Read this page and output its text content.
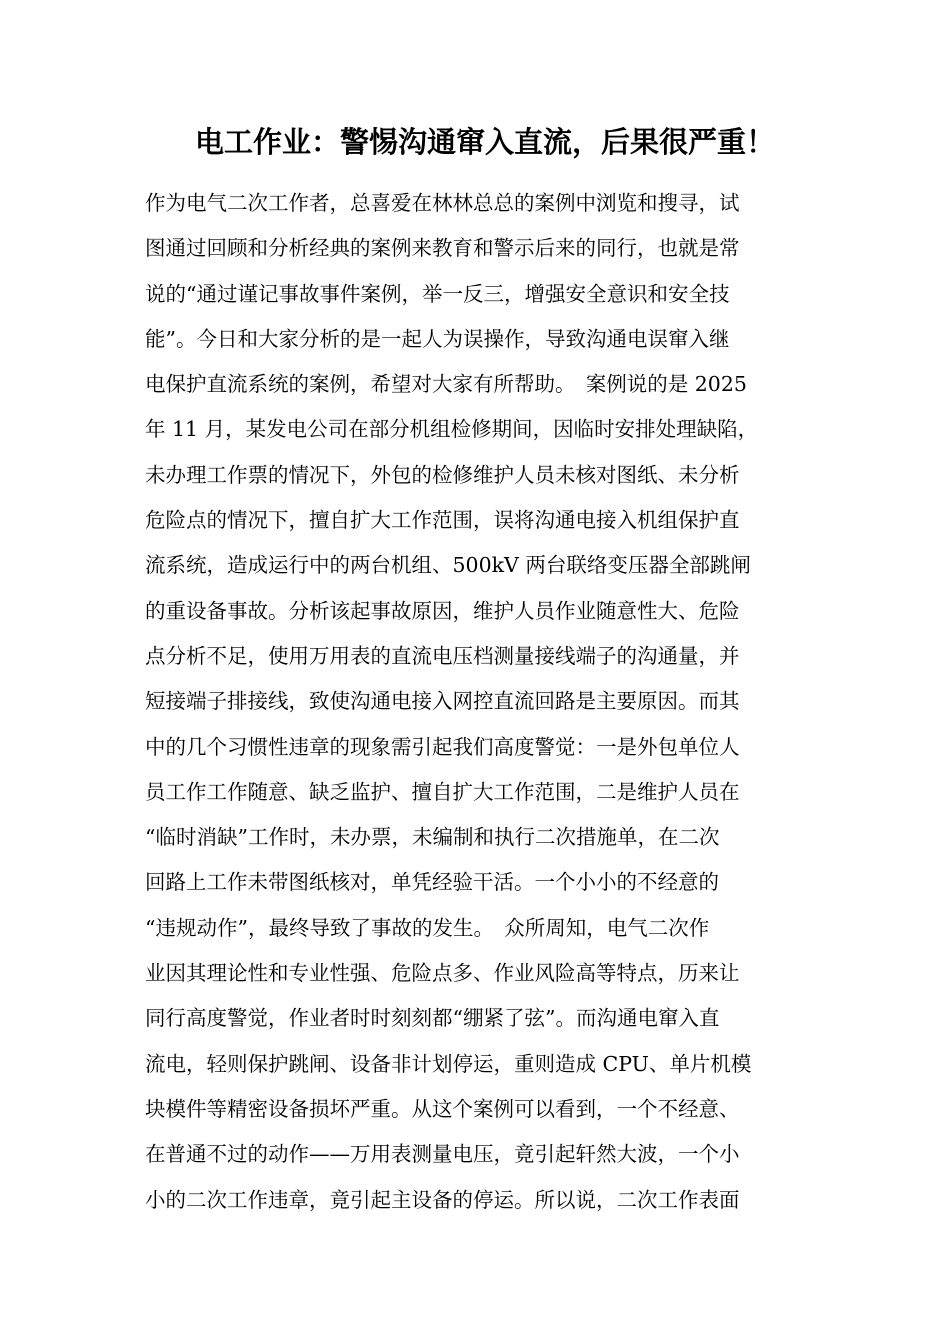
电工作业：警惕沟通窜入直流，后果很严重！
作为电气二次工作者，总喜爱在林林总总的案例中浏览和搜寻，试
图通过回顾和分析经典的案例来教育和警示后来的同行，也就是常
说的“通过谨记事故事件案例，举一反三，增强安全意识和安全技
能”。今日和大家分析的是一起人为误操作，导致沟通电误窜入继
电保护直流系统的案例，希望对大家有所帮助。　案例说的是 2025
年 11 月，某发电公司在部分机组检修期间，因临时安排处理缺陷，
未办理工作票的情况下，外包的检修维护人员未核对图纸、未分析
危险点的情况下，擅自扩大工作范围，误将沟通电接入机组保护直
流系统，造成运行中的两台机组、500kV 两台联络变压器全部跳闸
的重设备事故。分析该起事故原因，维护人员作业随意性大、危险
点分析不足，使用万用表的直流电压档测量接线端子的沟通量，并
短接端子排接线，致使沟通电接入网控直流回路是主要原因。而其
中的几个习惯性违章的现象需引起我们高度警觉：一是外包单位人
员工作工作随意、缺乏监护、擅自扩大工作范围，二是维护人员在
“临时消缺”工作时，未办票，未编制和执行二次措施单，在二次
回路上工作未带图纸核对，单凭经验干活。一个小小的不经意的
“违规动作”，最终导致了事故的发生。　众所周知，电气二次作
业因其理论性和专业性强、危险点多、作业风险高等特点，历来让
同行高度警觉，作业者时时刻刻都“绷紧了弦”。而沟通电窜入直
流电，轻则保护跳闸、设备非计划停运，重则造成 CPU、单片机模
块模件等精密设备损坏严重。从这个案例可以看到，一个不经意、
在普通不过的动作——万用表测量电压，竟引起轩然大波，一个小
小的二次工作违章，竟引起主设备的停运。所以说，二次工作表面
